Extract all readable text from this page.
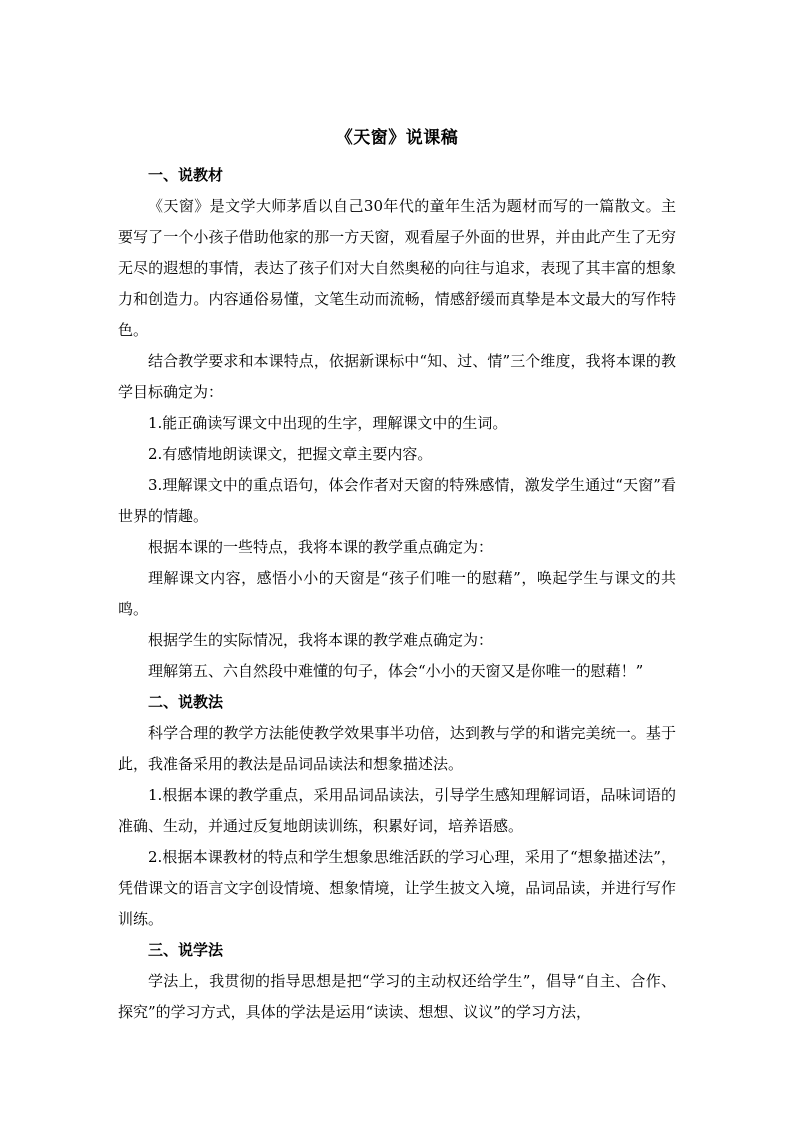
《天窗》说课稿

一、说教材

《天窗》是文学大师茅盾以自己30年代的童年生活为题材而写的一篇散文。主要写了一个小孩子借助他家的那一方天窗，观看屋子外面的世界，并由此产生了无穷无尽的遐想的事情，表达了孩子们对大自然奥秘的向往与追求，表现了其丰富的想象力和创造力。内容通俗易懂，文笔生动而流畅，情感舒缓而真挚是本文最大的写作特色。

结合教学要求和本课特点，依据新课标中“知、过、情”三个维度，我将本课的教学目标确定为：

1.能正确读写课文中出现的生字，理解课文中的生词。

2.有感情地朗读课文，把握文章主要内容。

3.理解课文中的重点语句，体会作者对天窗的特殊感情，激发学生通过“天窗”看世界的情趣。

根据本课的一些特点，我将本课的教学重点确定为：

理解课文内容，感悟小小的天窗是“孩子们唯一的慰藉”，唤起学生与课文的共鸣。

根据学生的实际情况，我将本课的教学难点确定为：

理解第五、六自然段中难懂的句子，体会“小小的天窗又是你唯一的慰藉！”

二、说教法

科学合理的教学方法能使教学效果事半功倍，达到教与学的和谐完美统一。基于此，我准备采用的教法是品词品读法和想象描述法。

1.根据本课的教学重点，采用品词品读法，引导学生感知理解词语，品味词语的准确、生动，并通过反复地朗读训练，积累好词，培养语感。

2.根据本课教材的特点和学生想象思维活跃的学习心理，采用了“想象描述法”，凭借课文的语言文字创设情境、想象情境，让学生披文入境，品词品读，并进行写作训练。

三、说学法

学法上，我贯彻的指导思想是把“学习的主动权还给学生”，倡导“自主、合作、探究”的学习方式，具体的学法是运用“读读、想想、议议”的学习方法，
